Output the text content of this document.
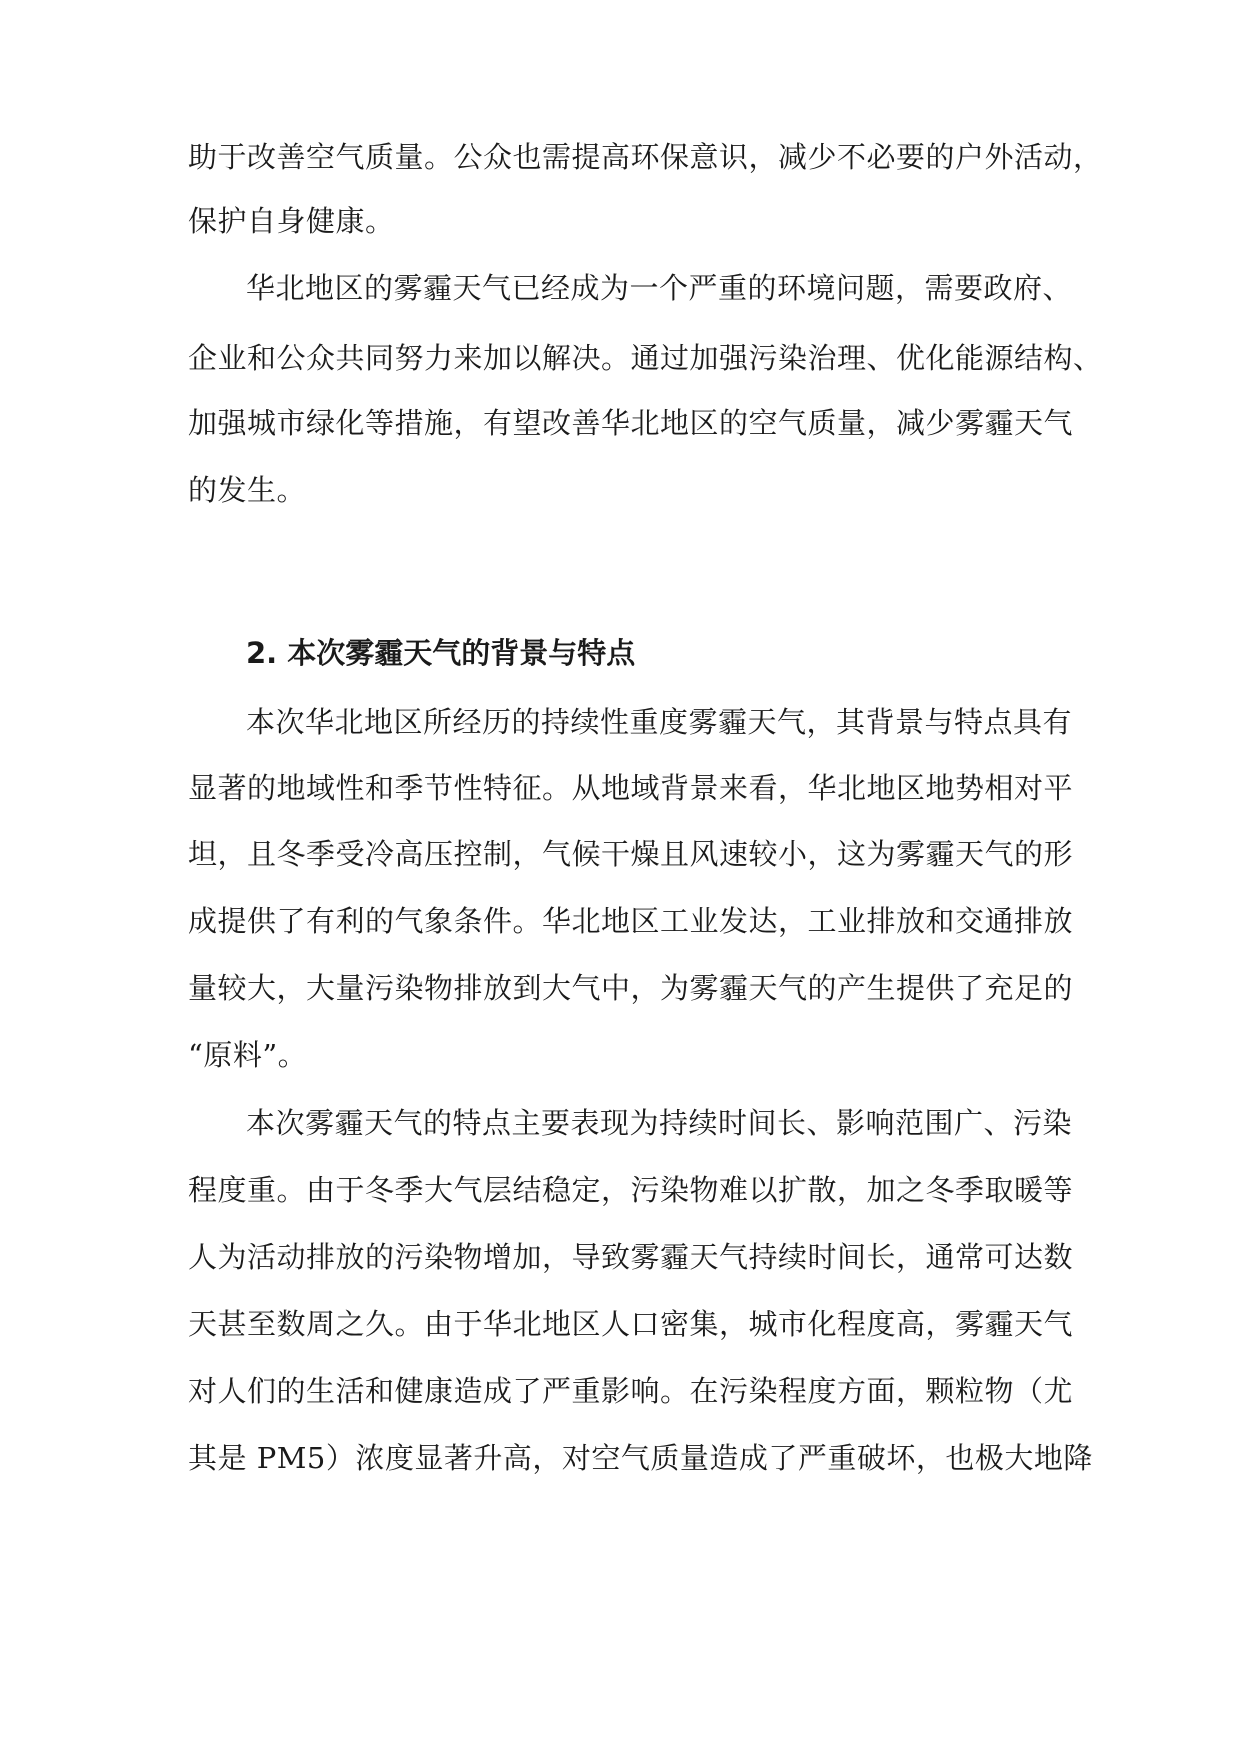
助于改善空气质量。公众也需提高环保意识，减少不必要的户外活动，
保护自身健康。
华北地区的雾霾天气已经成为一个严重的环境问题，需要政府、
企业和公众共同努力来加以解决。通过加强污染治理、优化能源结构、
加强城市绿化等措施，有望改善华北地区的空气质量，减少雾霾天气
的发生。
2. 本次雾霾天气的背景与特点
本次华北地区所经历的持续性重度雾霾天气，其背景与特点具有
显著的地域性和季节性特征。从地域背景来看，华北地区地势相对平
坦，且冬季受冷高压控制，气候干燥且风速较小，这为雾霾天气的形
成提供了有利的气象条件。华北地区工业发达，工业排放和交通排放
量较大，大量污染物排放到大气中，为雾霾天气的产生提供了充足的
“原料”。
本次雾霾天气的特点主要表现为持续时间长、影响范围广、污染
程度重。由于冬季大气层结稳定，污染物难以扩散，加之冬季取暖等
人为活动排放的污染物增加，导致雾霾天气持续时间长，通常可达数
天甚至数周之久。由于华北地区人口密集，城市化程度高，雾霾天气
对人们的生活和健康造成了严重影响。在污染程度方面，颗粒物（尤
其是 PM5）浓度显著升高，对空气质量造成了严重破坏，也极大地降
